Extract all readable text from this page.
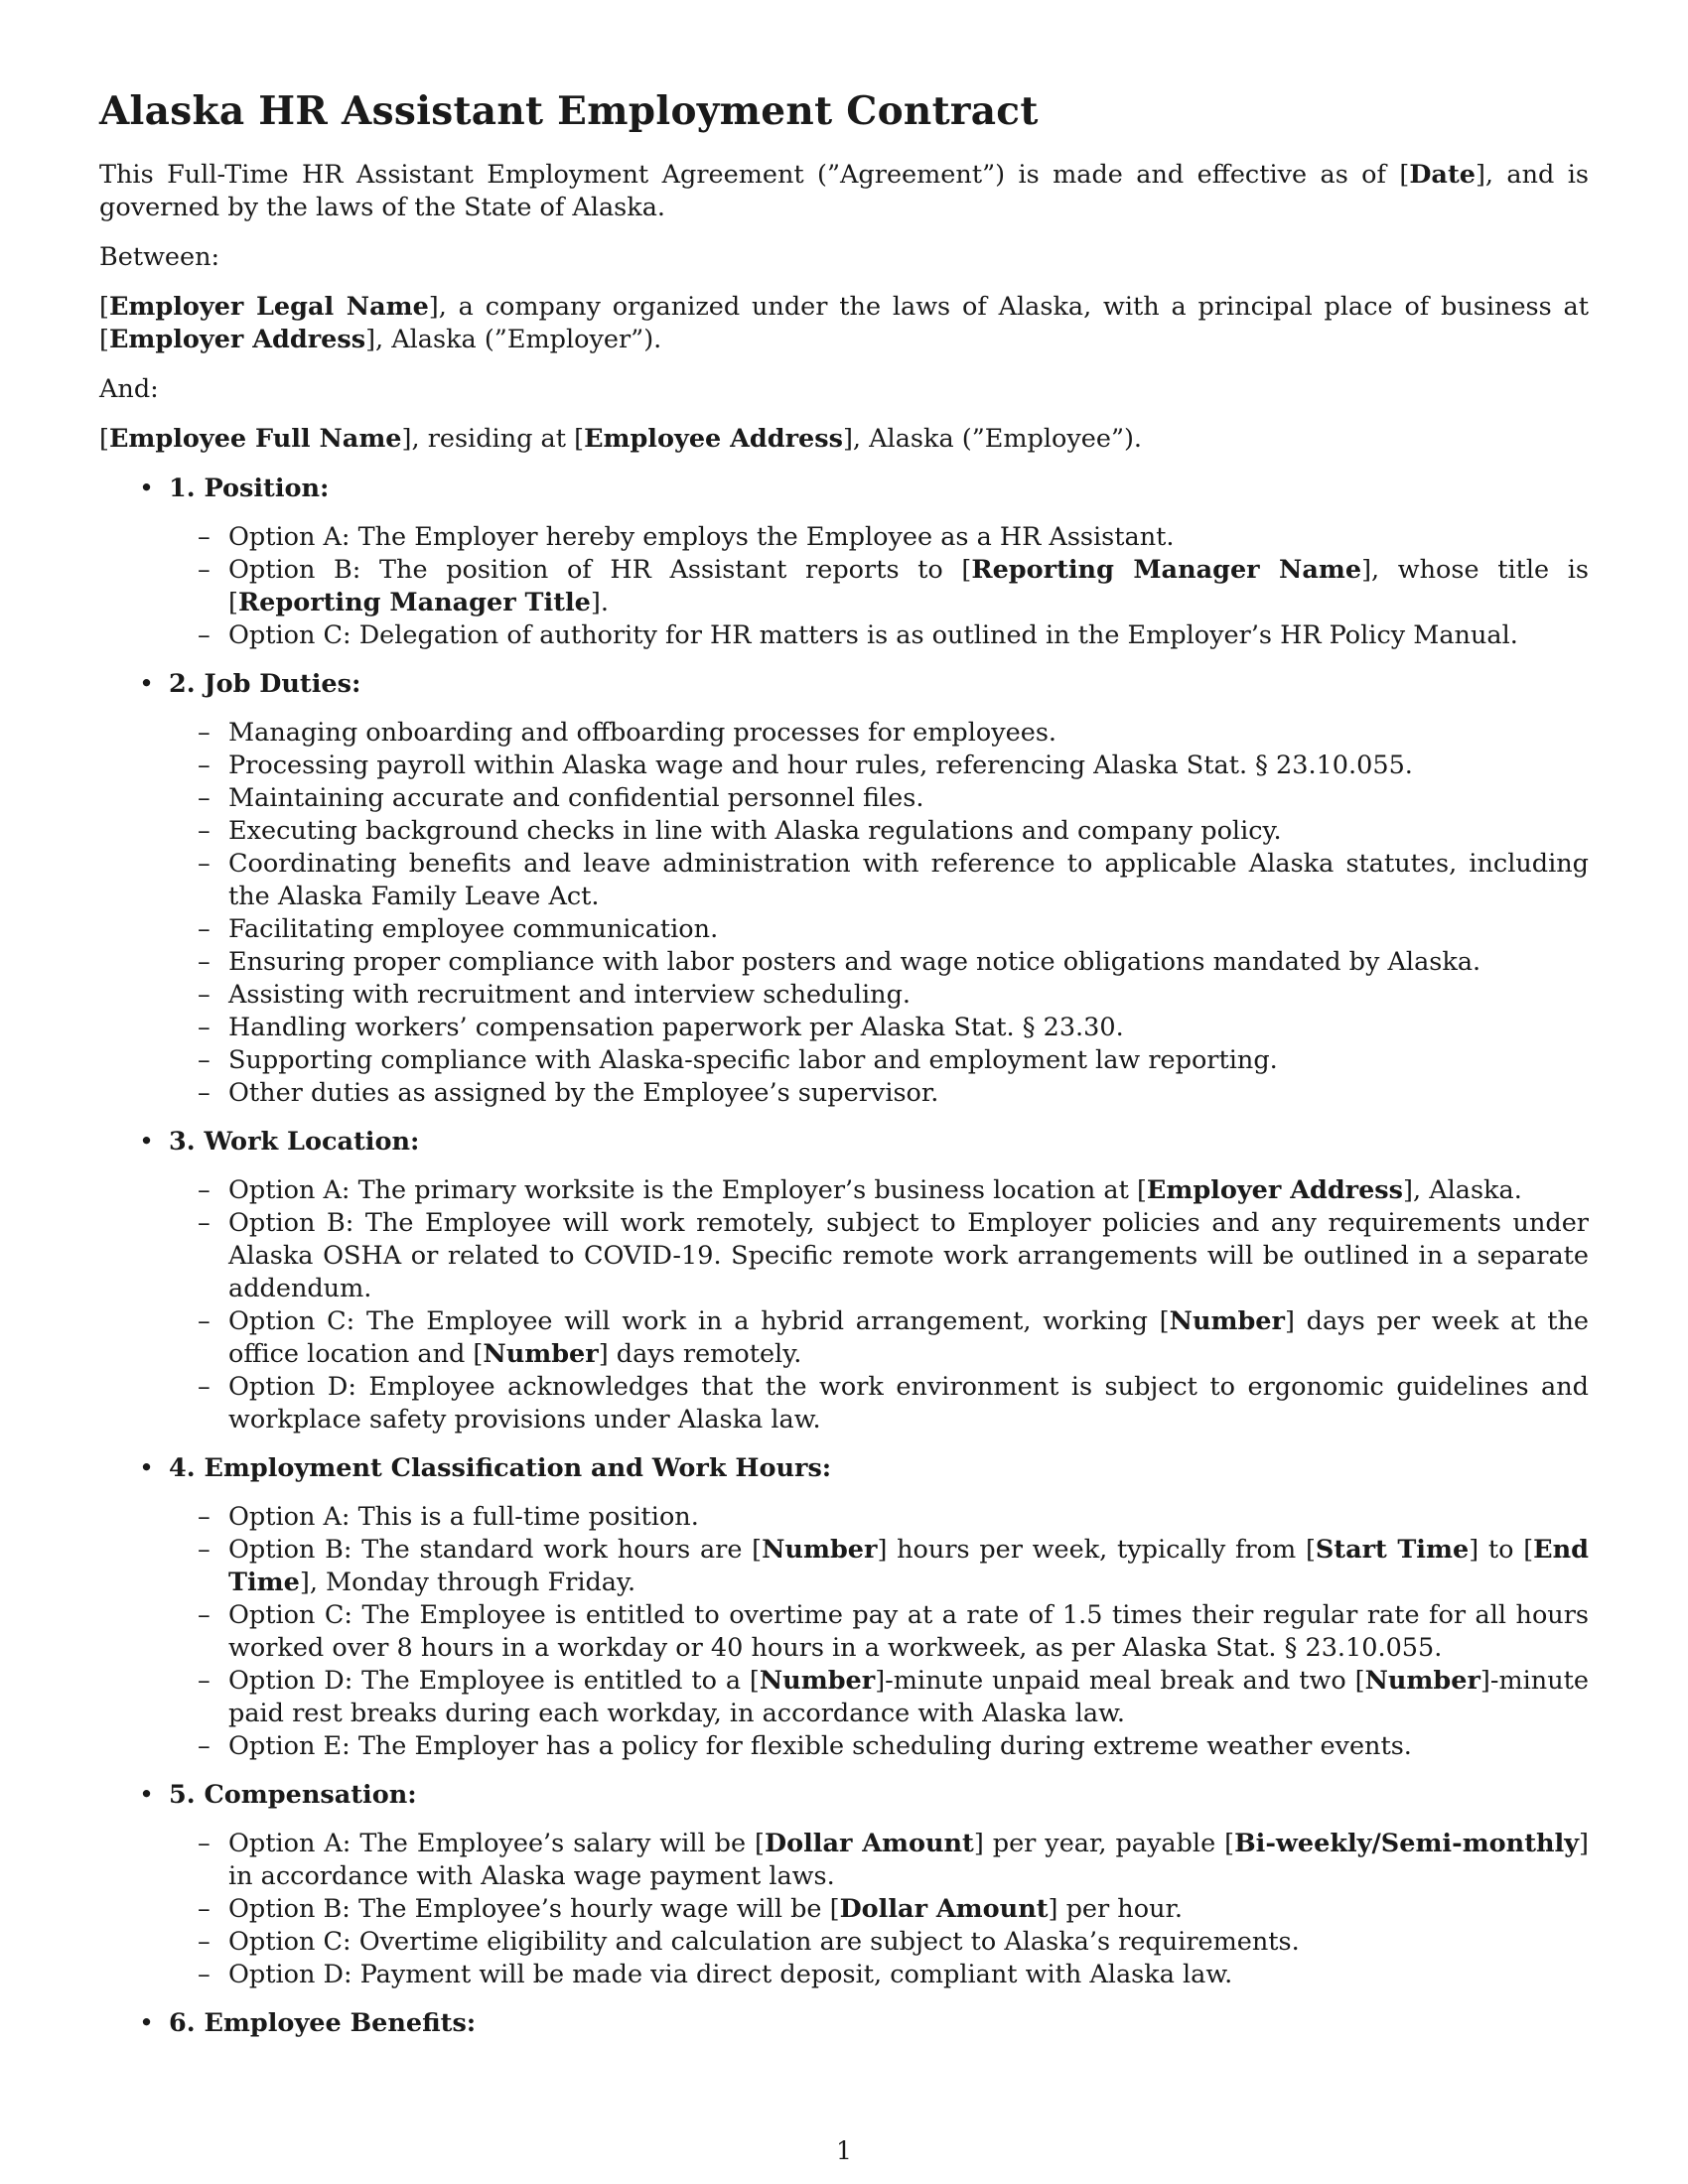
Alaska HR Assistant Employment Contract

This Full-Time HR Assistant Employment Agreement (”Agreement”) is made and effective as of [Date], and is governed by the laws of the State of Alaska.

Between:

[Employer Legal Name], a company organized under the laws of Alaska, with a principal place of business at [Employer Address], Alaska (”Employer”).

And:

[Employee Full Name], residing at [Employee Address], Alaska (”Employee”).

• 1. Position:
– Option A: The Employer hereby employs the Employee as a HR Assistant.
– Option B: The position of HR Assistant reports to [Reporting Manager Name], whose title is [Reporting Manager Title].
– Option C: Delegation of authority for HR matters is as outlined in the Employer’s HR Policy Manual.
• 2. Job Duties:
– Managing onboarding and offboarding processes for employees.
– Processing payroll within Alaska wage and hour rules, referencing Alaska Stat. § 23.10.055.
– Maintaining accurate and confidential personnel files.
– Executing background checks in line with Alaska regulations and company policy.
– Coordinating benefits and leave administration with reference to applicable Alaska statutes, including the Alaska Family Leave Act.
– Facilitating employee communication.
– Ensuring proper compliance with labor posters and wage notice obligations mandated by Alaska.
– Assisting with recruitment and interview scheduling.
– Handling workers’ compensation paperwork per Alaska Stat. § 23.30.
– Supporting compliance with Alaska-specific labor and employment law reporting.
– Other duties as assigned by the Employee’s supervisor.
• 3. Work Location:
– Option A: The primary worksite is the Employer’s business location at [Employer Address], Alaska.
– Option B: The Employee will work remotely, subject to Employer policies and any requirements under Alaska OSHA or related to COVID-19. Specific remote work arrangements will be outlined in a separate addendum.
– Option C: The Employee will work in a hybrid arrangement, working [Number] days per week at the office location and [Number] days remotely.
– Option D: Employee acknowledges that the work environment is subject to ergonomic guidelines and workplace safety provisions under Alaska law.
• 4. Employment Classification and Work Hours:
– Option A: This is a full-time position.
– Option B: The standard work hours are [Number] hours per week, typically from [Start Time] to [End Time], Monday through Friday.
– Option C: The Employee is entitled to overtime pay at a rate of 1.5 times their regular rate for all hours worked over 8 hours in a workday or 40 hours in a workweek, as per Alaska Stat. § 23.10.055.
– Option D: The Employee is entitled to a [Number]-minute unpaid meal break and two [Number]-minute paid rest breaks during each workday, in accordance with Alaska law.
– Option E: The Employer has a policy for flexible scheduling during extreme weather events.
• 5. Compensation:
– Option A: The Employee’s salary will be [Dollar Amount] per year, payable [Bi-weekly/Semi-monthly] in accordance with Alaska wage payment laws.
– Option B: The Employee’s hourly wage will be [Dollar Amount] per hour.
– Option C: Overtime eligibility and calculation are subject to Alaska’s requirements.
– Option D: Payment will be made via direct deposit, compliant with Alaska law.
• 6. Employee Benefits:
1
